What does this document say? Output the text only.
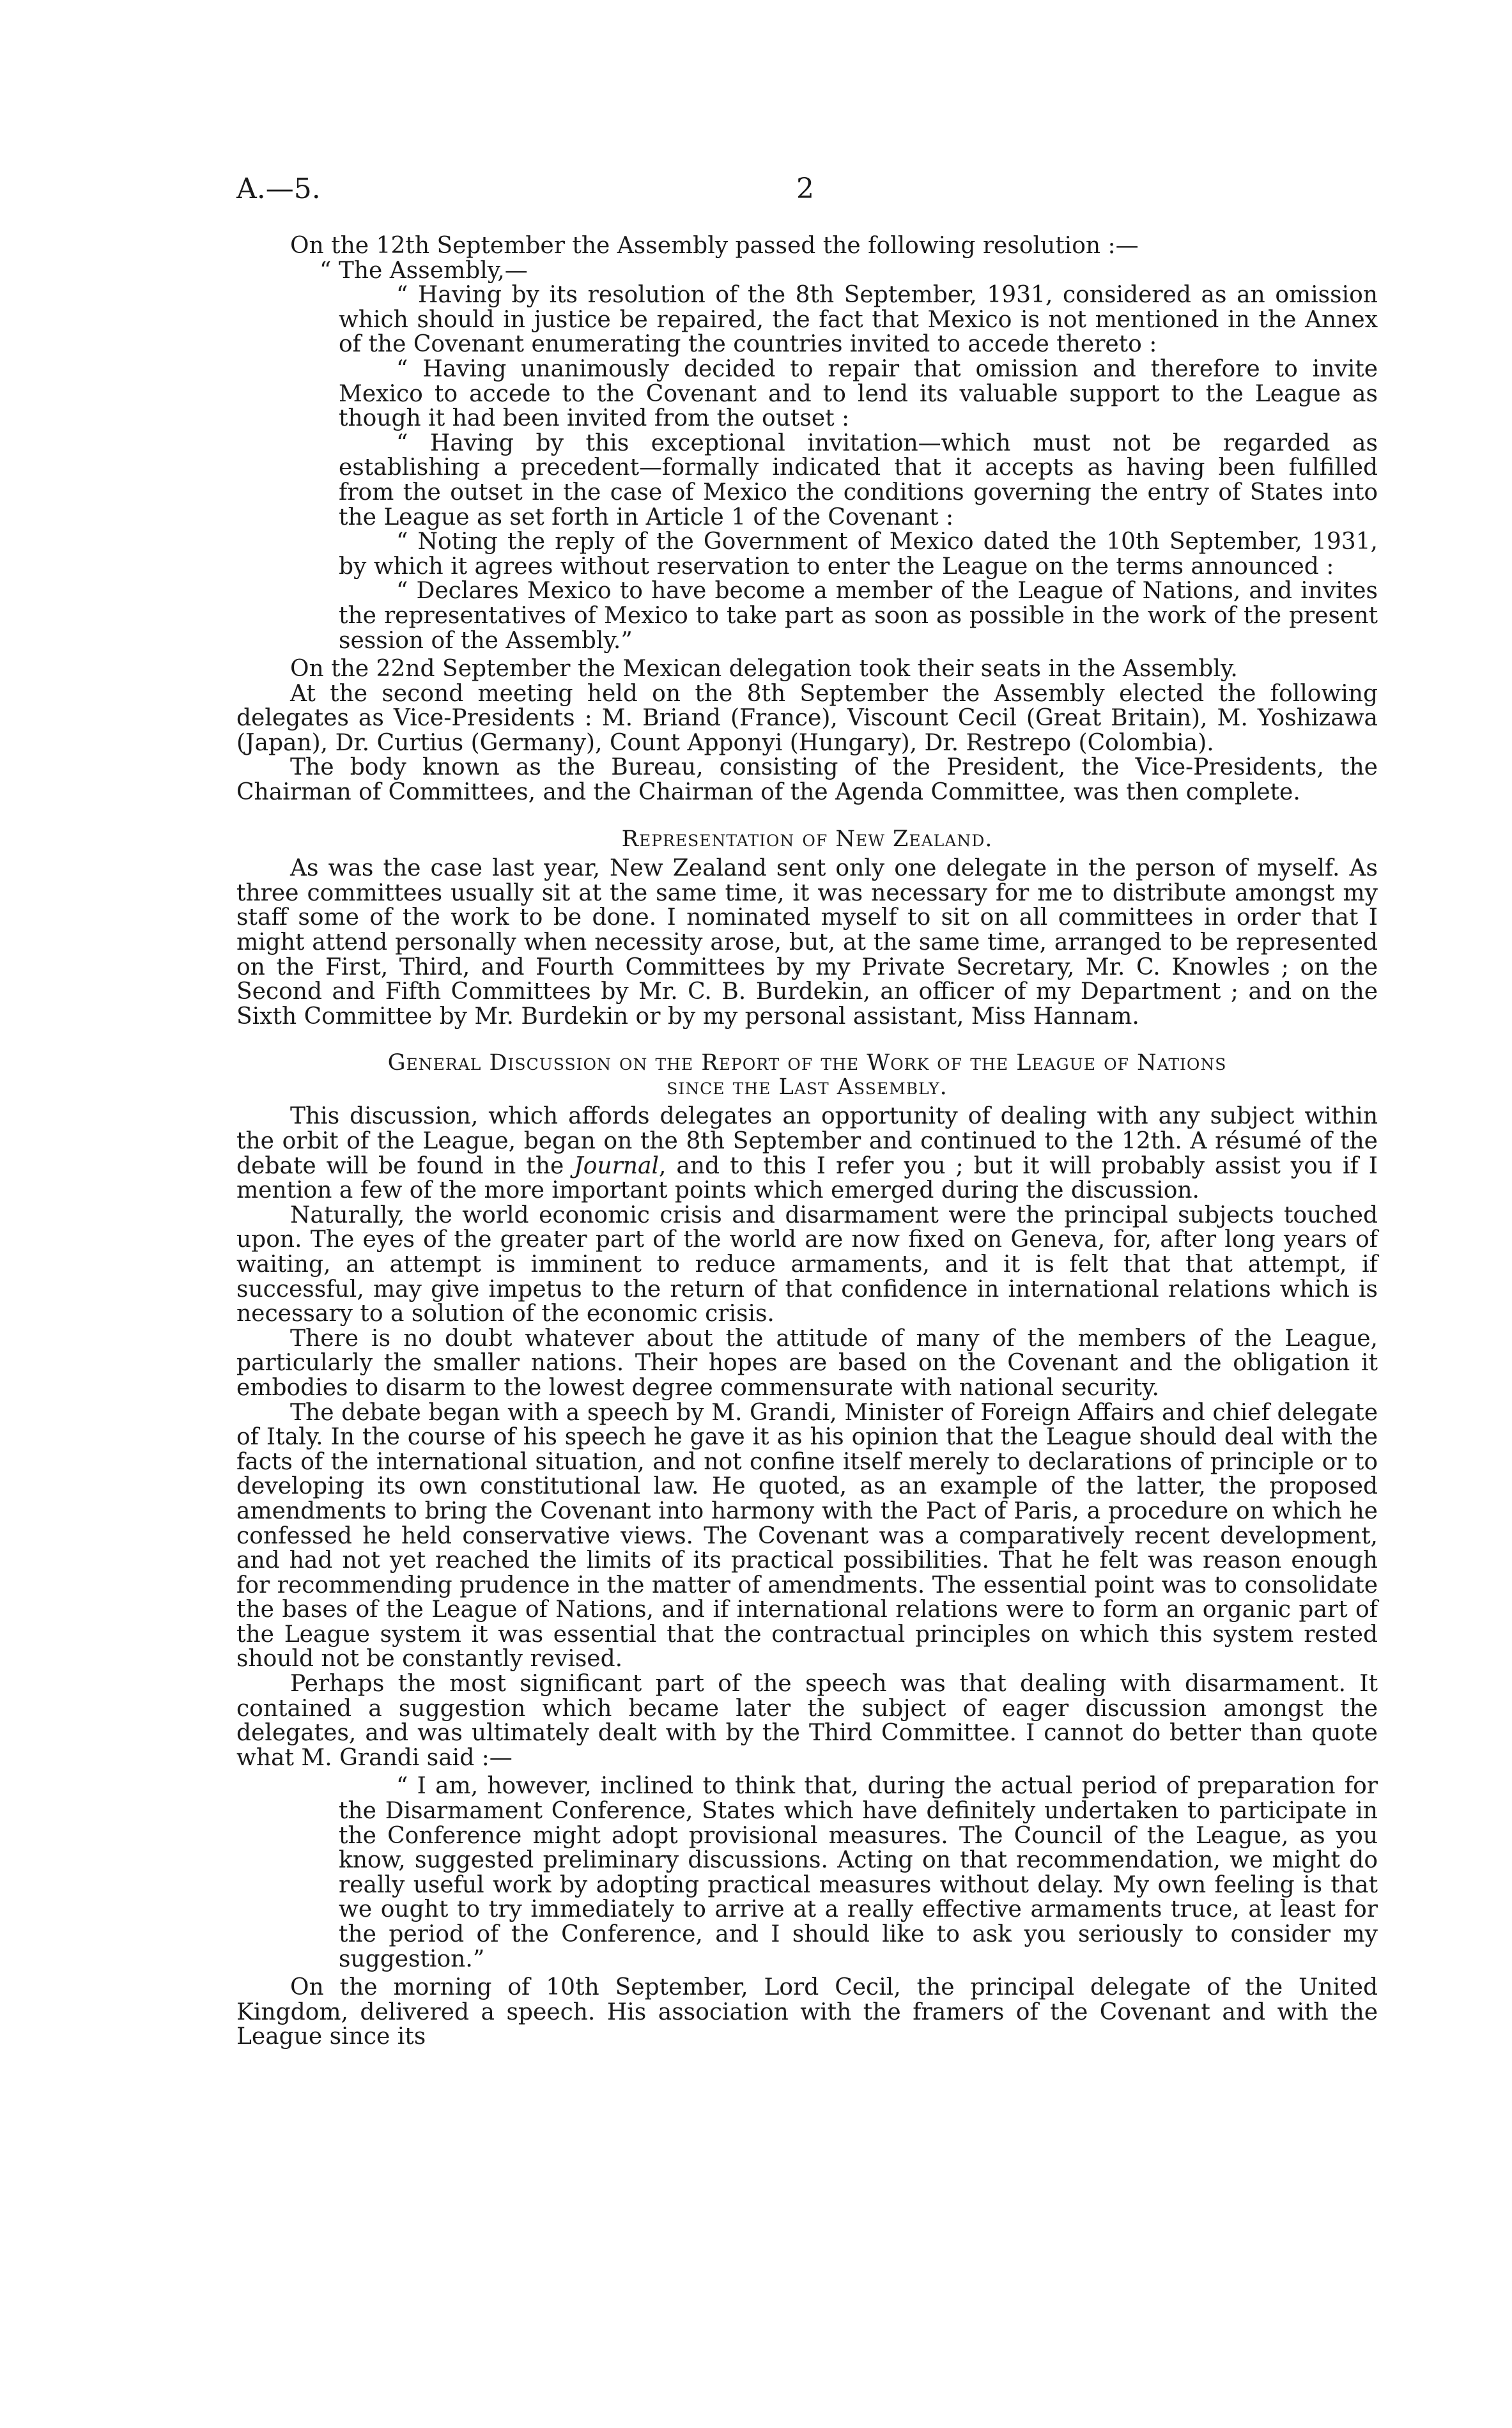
A.—5.	2

On the 12th September the Assembly passed the following resolution :—

“ The Assembly,—

“ Having by its resolution of the 8th September, 1931, considered as an omission which should in justice be repaired, the fact that Mexico is not mentioned in the Annex of the Covenant enumerating the countries invited to accede thereto :

“ Having unanimously decided to repair that omission and therefore to invite Mexico to accede to the Covenant and to lend its valuable support to the League as though it had been invited from the outset :

“ Having by this exceptional invitation—which must not be regarded as establishing a precedent—formally indicated that it accepts as having been fulfilled from the outset in the case of Mexico the conditions governing the entry of States into the League as set forth in Article 1 of the Covenant :

“ Noting the reply of the Government of Mexico dated the 10th September, 1931, by which it agrees without reservation to enter the League on the terms announced :

“ Declares Mexico to have become a member of the League of Nations, and invites the representatives of Mexico to take part as soon as possible in the work of the present session of the Assembly.”

On the 22nd September the Mexican delegation took their seats in the Assembly.

At the second meeting held on the 8th September the Assembly elected the following delegates as Vice-Presidents : M. Briand (France), Viscount Cecil (Great Britain), M. Yoshizawa (Japan), Dr. Curtius (Germany), Count Apponyi (Hungary), Dr. Restrepo (Colombia).

The body known as the Bureau, consisting of the President, the Vice-Presidents, the Chairman of Committees, and the Chairman of the Agenda Committee, was then complete.

Representation of New Zealand.

As was the case last year, New Zealand sent only one delegate in the person of myself. As three committees usually sit at the same time, it was necessary for me to distribute amongst my staff some of the work to be done. I nominated myself to sit on all committees in order that I might attend personally when necessity arose, but, at the same time, arranged to be represented on the First, Third, and Fourth Committees by my Private Secretary, Mr. C. Knowles ; on the Second and Fifth Committees by Mr. C. B. Burdekin, an officer of my Department ; and on the Sixth Committee by Mr. Burdekin or by my personal assistant, Miss Hannam.

General Discussion on the Report of the Work of the League of Nations
since the Last Assembly.

This discussion, which affords delegates an opportunity of dealing with any subject within the orbit of the League, began on the 8th September and continued to the 12th. A résumé of the debate will be found in the Journal, and to this I refer you ; but it will probably assist you if I mention a few of the more important points which emerged during the discussion.

Naturally, the world economic crisis and disarmament were the principal subjects touched upon. The eyes of the greater part of the world are now fixed on Geneva, for, after long years of waiting, an attempt is imminent to reduce armaments, and it is felt that that attempt, if successful, may give impetus to the return of that confidence in international relations which is necessary to a solution of the economic crisis.

There is no doubt whatever about the attitude of many of the members of the League, particularly the smaller nations. Their hopes are based on the Covenant and the obligation it embodies to disarm to the lowest degree commensurate with national security.

The debate began with a speech by M. Grandi, Minister of Foreign Affairs and chief delegate of Italy. In the course of his speech he gave it as his opinion that the League should deal with the facts of the international situation, and not confine itself merely to declarations of principle or to developing its own constitutional law. He quoted, as an example of the latter, the proposed amendments to bring the Covenant into harmony with the Pact of Paris, a procedure on which he confessed he held conservative views. The Covenant was a comparatively recent development, and had not yet reached the limits of its practical possibilities. That he felt was reason enough for recommending prudence in the matter of amendments. The essential point was to consolidate the bases of the League of Nations, and if international relations were to form an organic part of the League system it was essential that the contractual principles on which this system rested should not be constantly revised.

Perhaps the most significant part of the speech was that dealing with disarmament. It contained a suggestion which became later the subject of eager discussion amongst the delegates, and was ultimately dealt with by the Third Committee. I cannot do better than quote what M. Grandi said :—

“ I am, however, inclined to think that, during the actual period of preparation for the Disarmament Conference, States which have definitely undertaken to participate in the Conference might adopt provisional measures. The Council of the League, as you know, suggested preliminary discussions. Acting on that recommendation, we might do really useful work by adopting practical measures without delay. My own feeling is that we ought to try immediately to arrive at a really effective armaments truce, at least for the period of the Conference, and I should like to ask you seriously to consider my suggestion.”

On the morning of 10th September, Lord Cecil, the principal delegate of the United Kingdom, delivered a speech. His association with the framers of the Covenant and with the League since its
